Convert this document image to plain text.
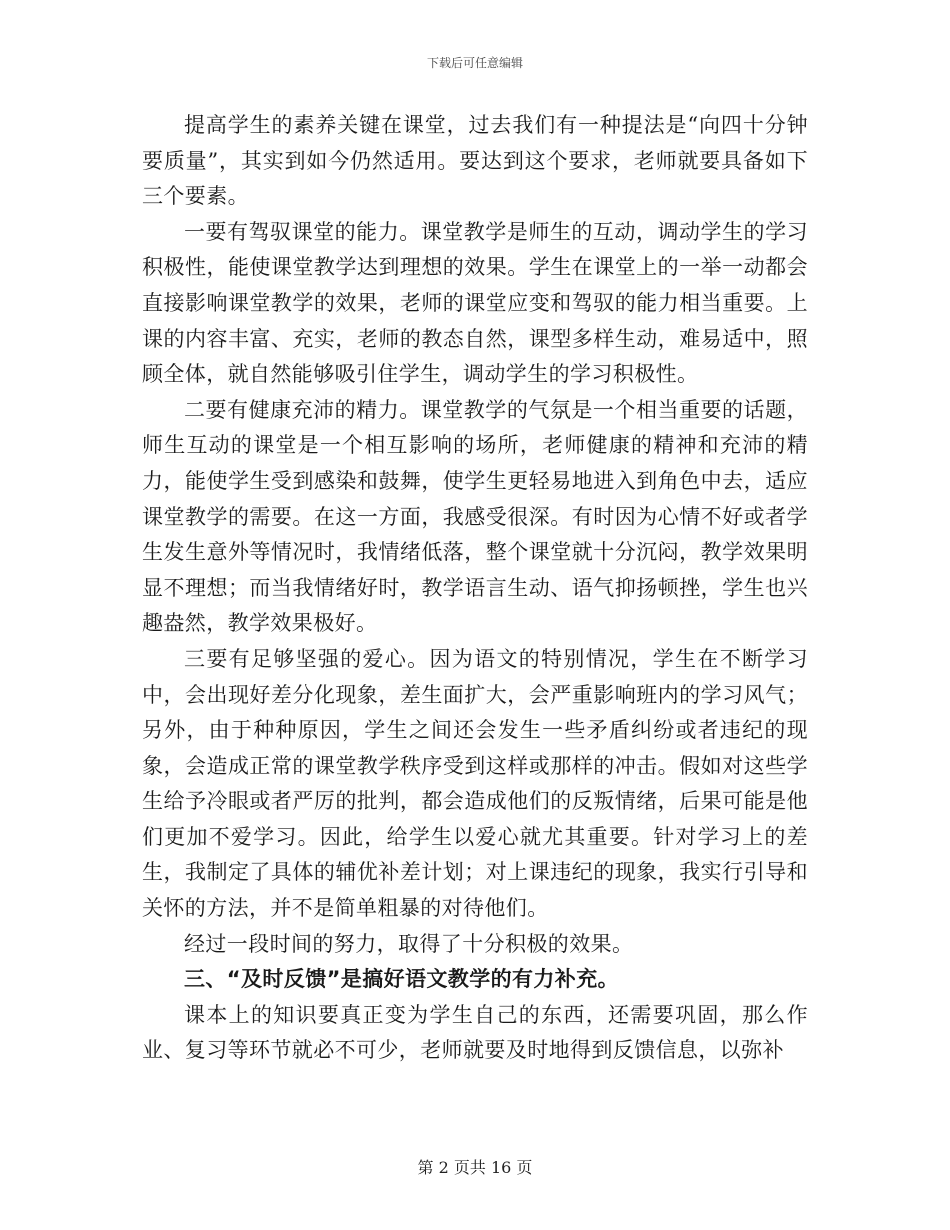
下载后可任意编辑

提高学生的素养关键在课堂，过去我们有一种提法是“向四十分钟要质量”，其实到如今仍然适用。要达到这个要求，老师就要具备如下三个要素。

一要有驾驭课堂的能力。课堂教学是师生的互动，调动学生的学习积极性，能使课堂教学达到理想的效果。学生在课堂上的一举一动都会直接影响课堂教学的效果，老师的课堂应变和驾驭的能力相当重要。上课的内容丰富、充实，老师的教态自然，课型多样生动，难易适中，照顾全体，就自然能够吸引住学生，调动学生的学习积极性。

二要有健康充沛的精力。课堂教学的气氛是一个相当重要的话题，师生互动的课堂是一个相互影响的场所，老师健康的精神和充沛的精力，能使学生受到感染和鼓舞，使学生更轻易地进入到角色中去，适应课堂教学的需要。在这一方面，我感受很深。有时因为心情不好或者学生发生意外等情况时，我情绪低落，整个课堂就十分沉闷，教学效果明显不理想；而当我情绪好时，教学语言生动、语气抑扬顿挫，学生也兴趣盎然，教学效果极好。

三要有足够坚强的爱心。因为语文的特别情况，学生在不断学习中，会出现好差分化现象，差生面扩大，会严重影响班内的学习风气；另外，由于种种原因，学生之间还会发生一些矛盾纠纷或者违纪的现象，会造成正常的课堂教学秩序受到这样或那样的冲击。假如对这些学生给予冷眼或者严厉的批判，都会造成他们的反叛情绪，后果可能是他们更加不爱学习。因此，给学生以爱心就尤其重要。针对学习上的差生，我制定了具体的辅优补差计划；对上课违纪的现象，我实行引导和关怀的方法，并不是简单粗暴的对待他们。

经过一段时间的努力，取得了十分积极的效果。

三、“及时反馈”是搞好语文教学的有力补充。

课本上的知识要真正变为学生自己的东西，还需要巩固，那么作业、复习等环节就必不可少，老师就要及时地得到反馈信息，以弥补

第 2 页共 16 页
